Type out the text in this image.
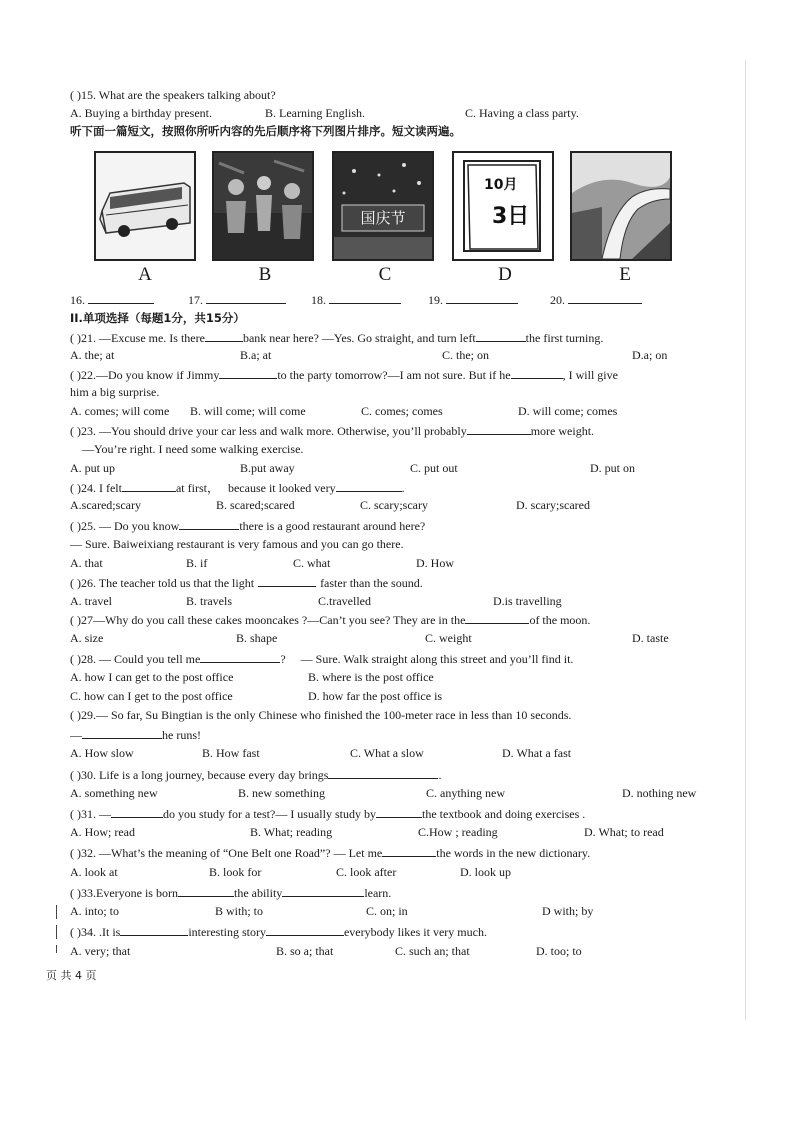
( )15. What are the speakers talking about?
A. Buying a birthday present.	B. Learning English.	C. Having a class party.
听下面一篇短文，按照你所听内容的先后顺序将下列图片排序。短文读两遍。
国庆节
10月
3日
A	B	C	D	E
16.	17.	18.	19.	20.
II.单项选择（每题1分，共15分）
( )21. —Excuse me. Is there	bank near here? —Yes. Go straight, and turn left	the first turning.
A. the; at	B.a; at	C. the; on	D.a; on
( )22.—Do you know if Jimmy	to the party tomorrow?—I am not sure. But if he	, I will give
him a big surprise.
A. comes; will come B. will come; will come	C. comes; comes	D. will come; comes
( )23. —You should drive your car less and walk more. Otherwise, you’ll probably	more weight.
—You’re right. I need some walking exercise.
A. put up	B.put away	C. put out	D. put on
( )24. I felt	at first， because it looked very	.
A.scared;scary	B. scared;scared	C. scary;scary	D. scary;scared
( )25. — Do you know	there is a good restaurant around here?
— Sure. Baiweixiang restaurant is very famous and you can go there.
A. that	B. if	C. what	D. How
( )26. The teacher told us that the light	faster than the sound.
A. travel	B. travels	C.travelled	D.is travelling
( )27—Why do you call these cakes mooncakes ?—Can’t you see? They are in the	of the moon.
A. size	B. shape	C. weight	D. taste
( )28. — Could you tell me	? — Sure. Walk straight along this street and you’ll find it.
A. how I can get to the post office	B. where is the post office
C. how can I get to the post office	D. how far the post office is
( )29.— So far, Su Bingtian is the only Chinese who finished the 100-meter race in less than 10 seconds.
—	he runs!
A. How slow	B. How fast	C. What a slow	D. What a fast
( )30. Life is a long journey, because every day brings	.
A. something new	B. new something	C. anything new	D. nothing new
( )31. —	do you study for a test?— I usually study by	the textbook and doing exercises .
A. How; read	B. What; reading	C.How ; reading	D. What; to read
( )32. —What’s the meaning of “One Belt one Road”? — Let me	the words in the new dictionary.
A. look at	B. look for	C. look after	D. look up
( )33.Everyone is born	the ability	learn.
A. into; to	B with; to	C. on; in	D with; by
( )34. .It is	interesting story	everybody likes it very much.
A. very; that	B. so a; that	C. such an; that	D. too; to
页 共 4 页
